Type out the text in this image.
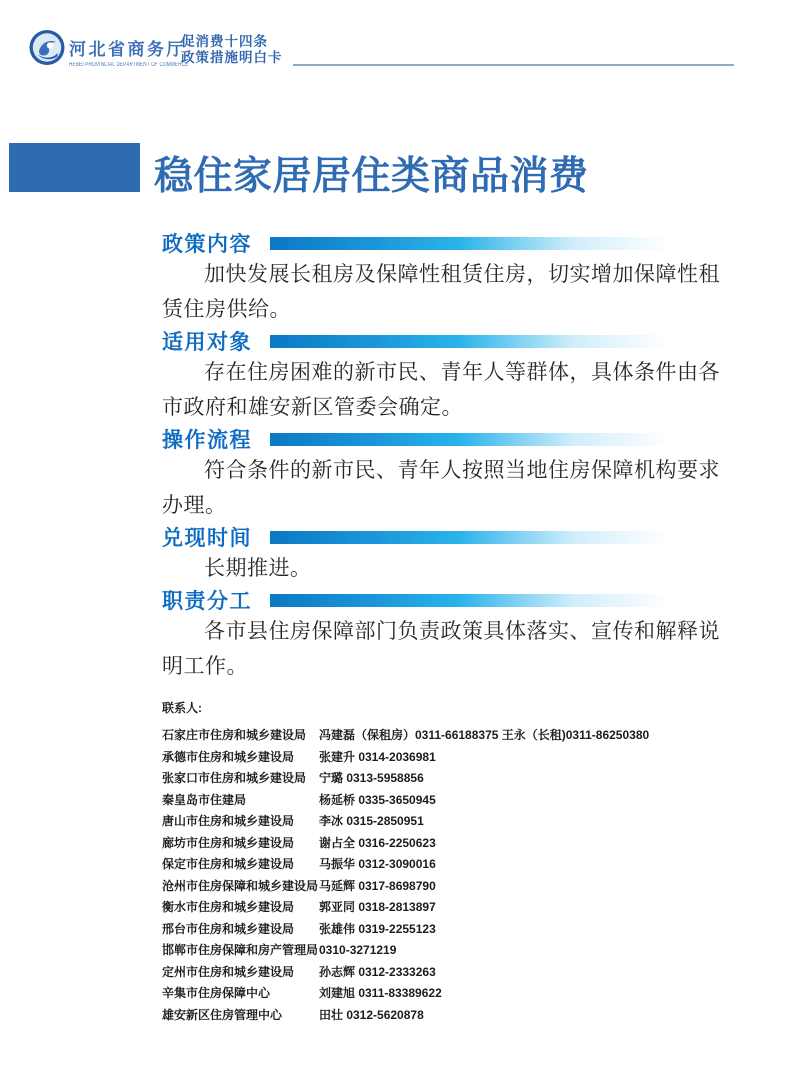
河北省商务厅
HEBEI PROVINCIAL DEPARTMENT OF COMMERCE
促消费十四条
政策措施明白卡
稳住家居居住类商品消费
政策内容
加快发展长租房及保障性租赁住房，切实增加保障性租赁住房供给。
适用对象
存在住房困难的新市民、青年人等群体，具体条件由各市政府和雄安新区管委会确定。
操作流程
符合条件的新市民、青年人按照当地住房保障机构要求办理。
兑现时间
长期推进。
职责分工
各市县住房保障部门负责政策具体落实、宣传和解释说明工作。
联系人:
石家庄市住房和城乡建设局	冯建磊（保租房）0311-66188375 王永（长租)0311-86250380
承德市住房和城乡建设局	张建升 0314-2036981
张家口市住房和城乡建设局	宁璐 0313-5958856
秦皇岛市住建局	杨延桥 0335-3650945
唐山市住房和城乡建设局	李冰 0315-2850951
廊坊市住房和城乡建设局	谢占全 0316-2250623
保定市住房和城乡建设局	马振华 0312-3090016
沧州市住房保障和城乡建设局 马延辉 0317-8698790
衡水市住房和城乡建设局	郭亚同 0318-2813897
邢台市住房和城乡建设局	张雄伟 0319-2255123
邯郸市住房保障和房产管理局 0310-3271219
定州市住房和城乡建设局	孙志辉 0312-2333263
辛集市住房保障中心	刘建旭 0311-83389622
雄安新区住房管理中心	田壮 0312-5620878
